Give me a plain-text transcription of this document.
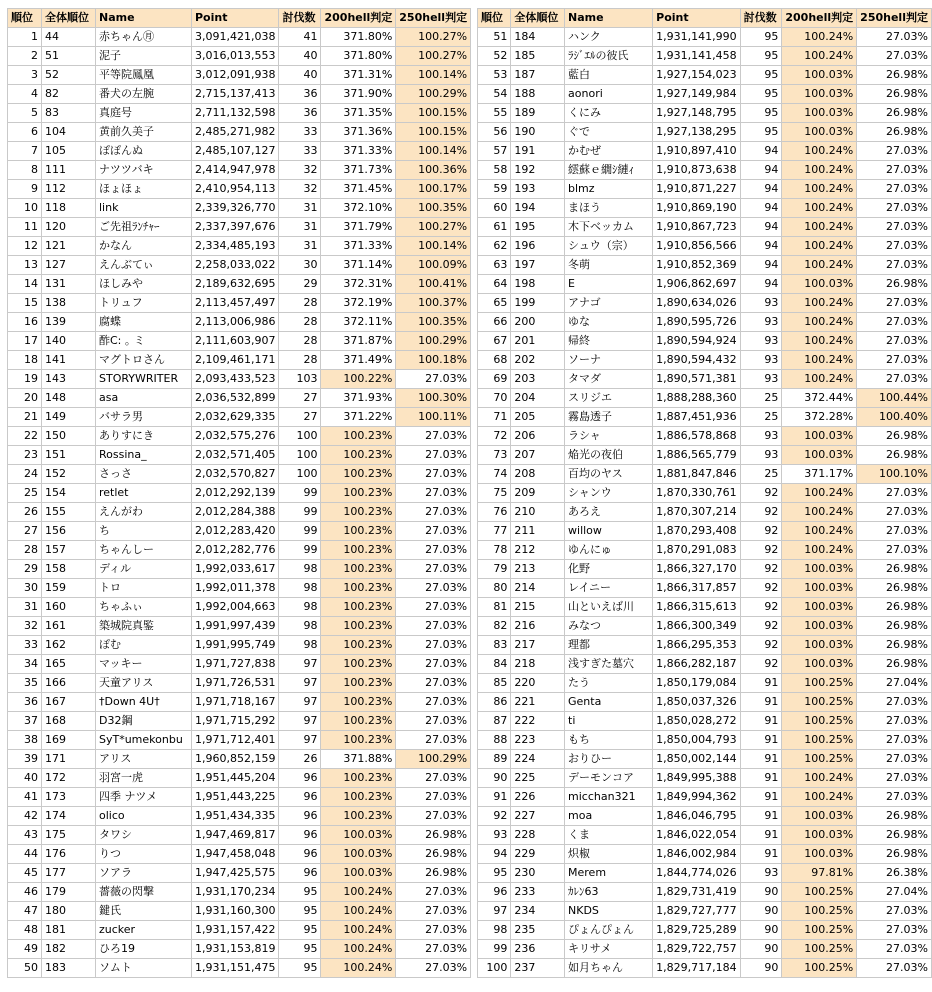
順位	全体順位	Name	Point	討伐数	200hell判定	250hell判定
1	44	赤ちゃん㊊	3,091,421,038	41	371.80%	100.27%
2	51	泥子	3,016,013,553	40	371.80%	100.27%
3	52	平等院鳳凰	3,012,091,938	40	371.31%	100.14%
4	82	番犬の左腕	2,715,137,413	36	371.90%	100.29%
5	83	真庭号	2,711,132,598	36	371.35%	100.15%
6	104	黄前久美子	2,485,271,982	33	371.36%	100.15%
7	105	ぽぽんぬ	2,485,107,127	33	371.33%	100.14%
8	111	ナツツバキ	2,414,947,978	32	371.73%	100.36%
9	112	ほょほょ	2,410,954,113	32	371.45%	100.17%
10	118	link	2,339,326,770	31	372.10%	100.35%
11	120	ご先祖ﾗﾝﾁｬｰ	2,337,397,676	31	371.79%	100.27%
12	121	かなん	2,334,485,193	31	371.33%	100.14%
13	127	えんぶてぃ	2,258,033,022	30	371.14%	100.09%
14	131	ほしみや	2,189,632,695	29	372.31%	100.41%
15	138	トリュフ	2,113,457,497	28	372.19%	100.37%
16	139	腐蝶	2,113,006,986	28	372.11%	100.35%
17	140	酢C: ｡ ミ	2,111,603,907	28	371.87%	100.29%
18	141	マグトロさん	2,109,461,171	28	371.49%	100.18%
19	143	STORYWRITER	2,093,433,523	103	100.22%	27.03%
20	148	asa	2,036,532,899	27	371.93%	100.30%
21	149	バサラ男	2,032,629,335	27	371.22%	100.11%
22	150	ありすにき	2,032,575,276	100	100.23%	27.03%
23	151	Rossina_	2,032,571,405	100	100.23%	27.03%
24	152	さっさ	2,032,570,827	100	100.23%	27.03%
25	154	retlet	2,012,292,139	99	100.23%	27.03%
26	155	えんがわ	2,012,284,388	99	100.23%	27.03%
27	156	ち	2,012,283,420	99	100.23%	27.03%
28	157	ちゃんしー	2,012,282,776	99	100.23%	27.03%
29	158	ディル	1,992,033,617	98	100.23%	27.03%
30	159	トロ	1,992,011,378	98	100.23%	27.03%
31	160	ちゃふぃ	1,992,004,663	98	100.23%	27.03%
32	161	築城院真鍳	1,991,997,439	98	100.23%	27.03%
33	162	ぽむ	1,991,995,749	98	100.23%	27.03%
34	165	マッキー	1,971,727,838	97	100.23%	27.03%
35	166	天童アリス	1,971,726,531	97	100.23%	27.03%
36	167	†Down 4U†	1,971,718,167	97	100.23%	27.03%
37	168	D32鋼	1,971,715,292	97	100.23%	27.03%
38	169	SyT*umekonbu	1,971,712,401	97	100.23%	27.03%
39	171	アリス	1,960,852,159	26	371.88%	100.29%
40	172	羽宮一虎	1,951,445,204	96	100.23%	27.03%
41	173	四季 ナツメ	1,951,443,225	96	100.23%	27.03%
42	174	olico	1,951,434,335	96	100.23%	27.03%
43	175	タワシ	1,947,469,817	96	100.03%	26.98%
44	176	りつ	1,947,458,048	96	100.03%	26.98%
45	177	ソアラ	1,947,425,575	96	100.03%	26.98%
46	179	薔薇の閃撃	1,931,170,234	95	100.24%	27.03%
47	180	鍵氏	1,931,160,300	95	100.24%	27.03%
48	181	zucker	1,931,157,422	95	100.24%	27.03%
49	182	ひろ19	1,931,153,819	95	100.24%	27.03%
50	183	ソムト	1,931,151,475	95	100.24%	27.03%
順位	全体順位	Name	Point	討伐数	200hell判定	250hell判定
51	184	ハンク	1,931,141,990	95	100.24%	27.03%
52	185	ﾗｼﾞｴﾙの彼氏	1,931,141,458	95	100.24%	27.03%
53	187	藍白	1,927,154,023	95	100.03%	26.98%
54	188	aonori	1,927,149,984	95	100.03%	26.98%
55	189	くにみ	1,927,148,795	95	100.03%	26.98%
56	190	ぐで	1,927,138,295	95	100.03%	26.98%
57	191	かむぜ	1,910,897,410	94	100.24%	27.03%
58	192	繧蘇ｅ繝ｼ縺ｨ	1,910,873,638	94	100.24%	27.03%
59	193	blmz	1,910,871,227	94	100.24%	27.03%
60	194	まほう	1,910,869,190	94	100.24%	27.03%
61	195	木下ベッカム	1,910,867,723	94	100.24%	27.03%
62	196	シュウ（宗）	1,910,856,566	94	100.24%	27.03%
63	197	冬萌	1,910,852,369	94	100.24%	27.03%
64	198	E	1,906,862,697	94	100.03%	26.98%
65	199	アナゴ	1,890,634,026	93	100.24%	27.03%
66	200	ゆな	1,890,595,726	93	100.24%	27.03%
67	201	帰終	1,890,594,924	93	100.24%	27.03%
68	202	ソーナ	1,890,594,432	93	100.24%	27.03%
69	203	タマダ	1,890,571,381	93	100.24%	27.03%
70	204	スリジエ	1,888,288,360	25	372.44%	100.44%
71	205	霧島透子	1,887,451,936	25	372.28%	100.40%
72	206	ラシャ	1,886,578,868	93	100.03%	26.98%
73	207	焔光の夜伯	1,886,565,779	93	100.03%	26.98%
74	208	百均のヤス	1,881,847,846	25	371.17%	100.10%
75	209	シャンウ	1,870,330,761	92	100.24%	27.03%
76	210	あろえ	1,870,307,214	92	100.24%	27.03%
77	211	willow	1,870,293,408	92	100.24%	27.03%
78	212	ゆんにゅ	1,870,291,083	92	100.24%	27.03%
79	213	化野	1,866,327,170	92	100.03%	26.98%
80	214	レイニー	1,866,317,857	92	100.03%	26.98%
81	215	山といえば川	1,866,315,613	92	100.03%	26.98%
82	216	みなつ	1,866,300,349	92	100.03%	26.98%
83	217	理都	1,866,295,353	92	100.03%	26.98%
84	218	浅すぎた墓穴	1,866,282,187	92	100.03%	26.98%
85	220	たう	1,850,179,084	91	100.25%	27.04%
86	221	Genta	1,850,037,326	91	100.25%	27.03%
87	222	ti	1,850,028,272	91	100.25%	27.03%
88	223	もち	1,850,004,793	91	100.25%	27.03%
89	224	おりひー	1,850,002,144	91	100.25%	27.03%
90	225	デーモンコア	1,849,995,388	91	100.24%	27.03%
91	226	micchan321	1,849,994,362	91	100.24%	27.03%
92	227	moa	1,846,046,795	91	100.03%	26.98%
93	228	くま	1,846,022,054	91	100.03%	26.98%
94	229	炽椒	1,846,002,984	91	100.03%	26.98%
95	230	Merem	1,844,774,026	93	97.81%	26.38%
96	233	ｶﾚﾝ63	1,829,731,419	90	100.25%	27.04%
97	234	NKDS	1,829,727,777	90	100.25%	27.03%
98	235	ぴょんぴょん	1,829,725,289	90	100.25%	27.03%
99	236	キリサメ	1,829,722,757	90	100.25%	27.03%
100	237	如月ちゃん	1,829,717,184	90	100.25%	27.03%
